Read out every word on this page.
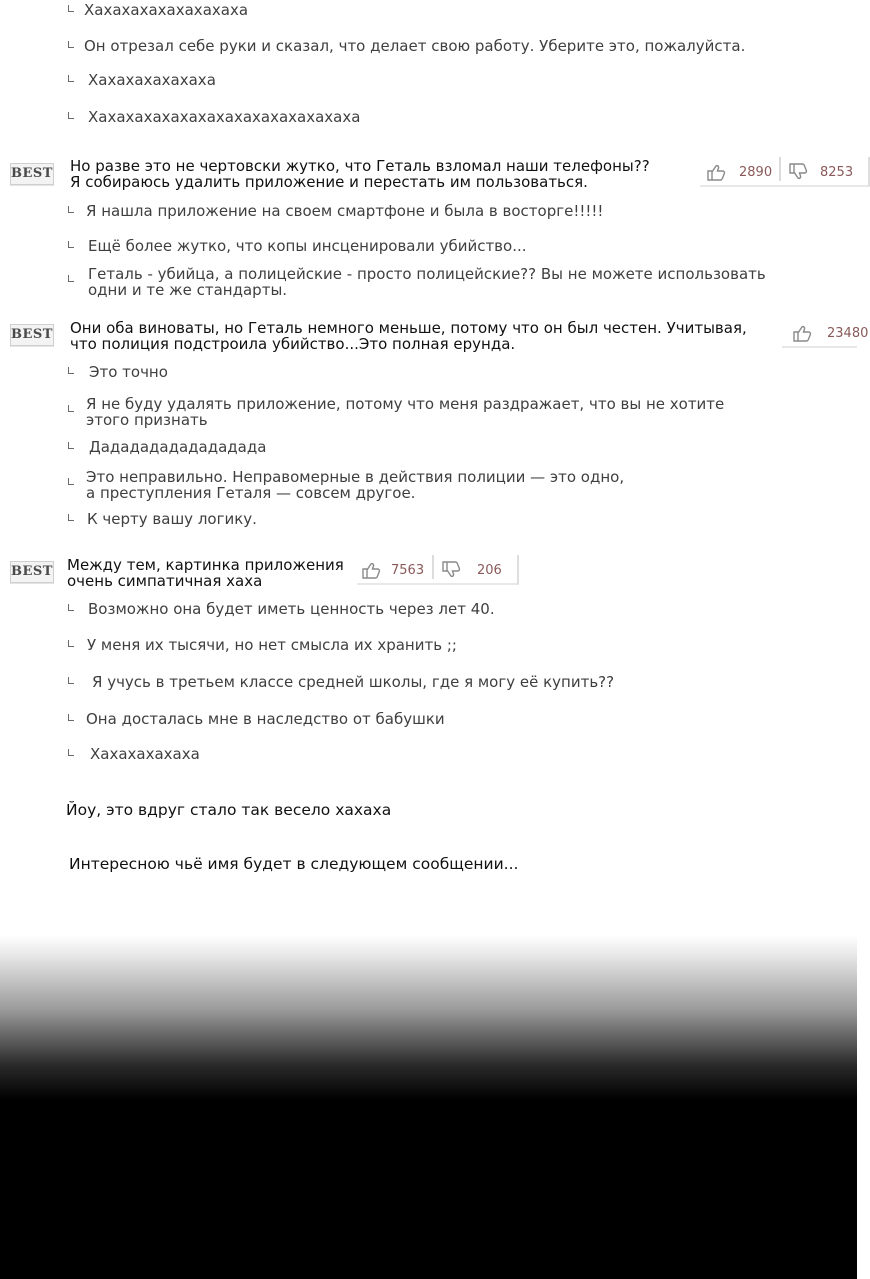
Хахахахахахахахаха
Он отрезал себе руки и сказал, что делает свою работу. Уберите это, пожалуйста.
Хахахахахахаха
Хахахахахахахахахахахахахахаха
BEST Но разве это не чертовски жутко, что Геталь взломал наши телефоны??
Я собираюсь удалить приложение и перестать им пользоваться.
2890	8253
Я нашла приложение на своем смартфоне и была в восторге!!!!!
Ещё более жутко, что копы инсценировали убийство...
Геталь - убийца, а полицейские - просто полицейские?? Вы не можете использовать
одни и те же стандарты.
BEST Они оба виноваты, но Геталь немного меньше, потому что он был честен. Учитывая,
что полиция подстроила убийство...Это полная ерунда.
23480
Это точно
Я не буду удалять приложение, потому что меня раздражает, что вы не хотите
этого признать
Дадададададададада
Это неправильно. Неправомерные в действия полиции — это одно,
а преступления Геталя — совсем другое.
К черту вашу логику.
BEST Между тем, картинка приложения
очень симпатичная хаха
7563	206
Возможно она будет иметь ценность через лет 40.
У меня их тысячи, но нет смысла их хранить ;;
Я учусь в третьем классе средней школы, где я могу её купить??
Она досталась мне в наследство от бабушки
Хахахахахаха
Йоу, это вдруг стало так весело хахаха
Интересною чьё имя будет в следующем сообщении...
